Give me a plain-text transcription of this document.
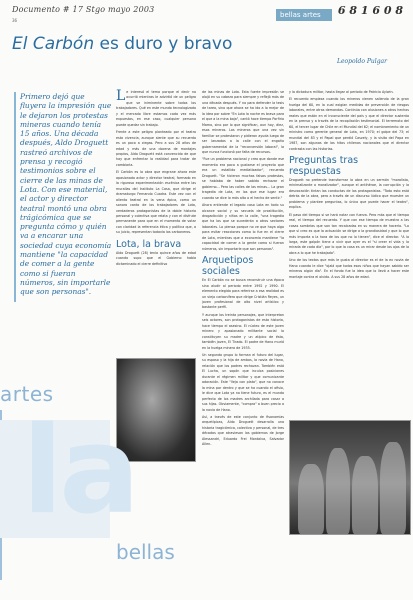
Documento # 17 Stgo mayo 2003	6 8 1 6 0 8
36
bellas artes
El Carbón es duro y bravo
Leopoldo Pulgar
Primero dejó que fluyera la impresión que le dejaron los protestas mineras cuando tenía 15 años. Una década después, Aldo Droguett rastreó archivos de prensa y recogió testimonios sobre el cierre de las minas de Lota. Con ese material, el actor y director teatral montó una obra trágicómica que se pregunta cómo y quién va a encarar una sociedad cuya economía mantiene "la capacidad de comer a la gente como si fueran números, sin importarle que son personas".

Le interesó el tema porque el decir no ocurrió mientras le advirtió de un peligro que se iniminente sobre todos los trabajadores. Qué en este mundo tecnologizado y el mercado libre estamos cada vez más expuestos, en ese caso, cualquier persona puede quedar sin trabajo.

Frente a este peligro planteado por el teatro esta vivencia, aunque siente que su recuerdo es un poco a ciegas. Pero a sus 28 años de edad y más de una docena de montajes propios, Aldo Droguett está convencido de que hay que enfrentar la realidad para tratar de cambiarla.

El Carbón es la obra que engrane ahora este apasionado actor y director teatral, formado en la rigurosa experimentación escénica entre las murallas del Instituto La Casa, que dirige el dramaturgo Fernando Cuadra. Este vez con el aliento teatral en la vena épica, como un sonoro canto de los trabajadores de Lota, verdaderos protagonistas de la doble historia personal y colectiva que relata y con el disfrute permanente para que en el momento de votar con claridad la referencia ética y política que, a su juicio, representan todavía los carboneros.

Lota, la brava

Aldo Droguett (28) tenía quince años de edad cuando supo que el Gobierno había dictaminado el cierre definitivo

de las minas de Lota. Esta fuerte impresión se alojó en su cabeza para siempre y reflejó más de una década después. Y no para defender la tesis de tarea, sino que ahora se ha ido a lo mejor de la idea por sobre "En Lota la noche es brava para el que a la mina baja", cantó hace tiempo Porfirio Mamo, sino por lo que significan, aun hoy, diez, esos mineros. Los mineros que una vez sin familiar se protestaron y pidieron ayuda luego de ser lanzados a la calle con el engaño gubernamental de la "reconversión laboral", la que nunca funcionó por falta de recursos.

"Fue un problema nacional y creo que donde ese momento era poco a gustarse el proyecto que era un estallido mediatizador", recuerda Droguett. "Se hicieron muchas falsas protestas, se hablaba de haber sabido rechazar el gobierno... Pero las calles de las minas... La gran tragedia de Lota, en los que ese lugar era cuando se dice lo más alto o el hecho de sentir."

Ahora entiende el legado caso Lota en todo su alcance social y su secuela de prostitución, drogadicción y niños en la calle, "una tragedia que ha los que se sucederán a otros sectores laborales. Lo piensa porque no ve que haya algo para evitar reacciones como lo fue en el cierre de Lota, mientras que a economía mantiene "la capacidad de comer a la gente como si fueran números, sin importarle que son personas".

Arquetipos sociales

En El Carbón no se busca reconstruir una época sino aludir al periodo entre 1992 y 1990. El elemento elegido para referirse a esa realidad es un viejo carbonífero que dirige Cristián Reyes, un joven profesional de alto nivel artístico y bastante perfil.

Y aunque los treinta personajes, que interpretan seis actores, son protagonistas de esta historia, hace tiempo el asesino. El núcleo de este joven minero y apasionado militante social lo constituyen su madre y un atípico de ésta, también joven, El Tirado. El padre de Hano murió en la huelga minera de 1935.

Un segundo grupo lo forman el futuro del lugar, su esposo y la hija de ambos, la novia de Hano, relación que los padres rechazan. También está El Lucha, un sopón que inculca posiciones durante el régimen militar y que comunicante adoración. Este "Veja con plata", que no conoce la mina por dentro y que se ha cuando el ofisio, le dice que Lota ya no tiene futuro, es el mundo perfecto de los madres archilada para casar a sus hijas. Obviamente, "compra" a buen precio a la novia de Hano.

Así, a través de este conjunto de fisonomías arquetípicas, Aldo Droguett desarrolla una historia tragicómica, colectiva y personal, de tres décadas que atraviesan los gobiernos de Jorge Alessandri, Eduardo Frei Montalva, Salvador Allen-

y la dictadura militar, hasta llegar al período de Patricio Aylwin.

El recuerdo empieza cuando los mineros vienen saliendo de la gran huelga del 60, en la cual exigían medidas de prevención de riesgos laborales, entre otras demandas. Continúa con alusiones a otros hechos reales que están en el inconsciente del país y que el director sustenta en la prensa y a través de la recopilación testimonial. El terremoto del 60, el tercer lugar de Chile en el Mundial del 62; el nombramiento de un ministro como gerente general de Lota, en 1970; el golpe del 73; el mundial del 83 y el Papal que perdió Caszely, y la visita del Papa en 1987, son algunas de las hitos chilenos nacionales que el director contrasta con las historias.

Preguntas tras respuestas

Droguett no pretende transformar la obra en un sermón "moralista, minimalizante o moralizador", aunque el antihéroe, la corrupción y la desvocación tintan las conductas de los protagonistas. "Todo esto está detrás de la obra, pero a través de un discurso lúdico que muestre un problema y plantee preguntas, lo único que puede hacer el teatro", explica.

El paso del tiempo si se hará notar con fuerza. Pero más que el tiempo real, el tiempo del recuerdo. Y que con ese tiempo de muestra a las cosas sombrías que son tan recalcadas en su manera de hacerlo. "Lo que sí creo es que la actuación se dirige a la grandiosidad y que lo que más importa a la hora de los que no lo tienen", dice el director. "A la larga, este galpón tiene a vivir que ayer es el "si creer el vida y la mirada de cada día", por lo que la cosa es un mirar desde los ojos de la obra a lo que he trabajado".

Uno de los textos que más le gusta al director es el de la ex novia de Hano cuando le dice "ojalá que todos esos niños que hayan sabido ser mineros algún día". En el fondo fue la idea que lo llevó a hacer este montaje contra el olvido. A sus 28 años de edad.

artes
la
bellas
